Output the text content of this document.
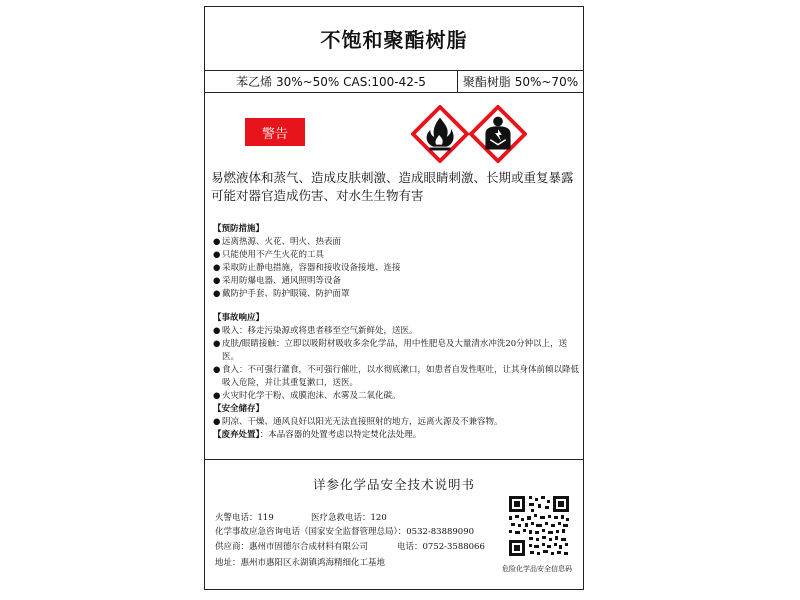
不饱和聚酯树脂
苯乙烯 30%~50% CAS:100-42-5	聚酯树脂 50%~70%
警告
易燃液体和蒸气、造成皮肤刺激、造成眼睛刺激、长期或重复暴露可能对器官造成伤害、对水生生物有害
【预防措施】
● 远离热源、火花、明火、热表面
● 只能使用不产生火花的工具
● 采取防止静电措施，容器和接收设备接地、连接
● 采用防爆电器、通风照明等设备
● 戴防护手套、防护眼镜、防护面罩
【事故响应】
● 吸入：移走污染源或将患者移至空气新鲜处，送医。
● 皮肤/眼睛接触：立即以吸附材吸收多余化学品，用中性肥皂及大量清水冲洗20分钟以上，送医。
● 食入：不可强行灌食，不可强行催吐，以水彻底漱口，如患者自发性呕吐，让其身体前倾以降低吸入危险，并让其重复漱口，送医。
● 火灾时化学干粉、成膜泡沫、水雾及二氧化碳。
【安全储存】
● 阴凉、干燥、通风良好以阳光无法直接照射的地方，远离火源及不兼容物。
【废弃处置】：本品容器的处置考虑以特定焚化法处理。
详参化学品安全技术说明书
火警电话：119	医疗急救电话：120
化学事故应急咨询电话（国家安全监督管理总局）：0532-83889090
供应商：惠州市固德尔合成材料有限公司	电话：0752-3588066
地址：惠州市惠阳区永湖镇鸿海精细化工基地
危险化学品安全信息码
